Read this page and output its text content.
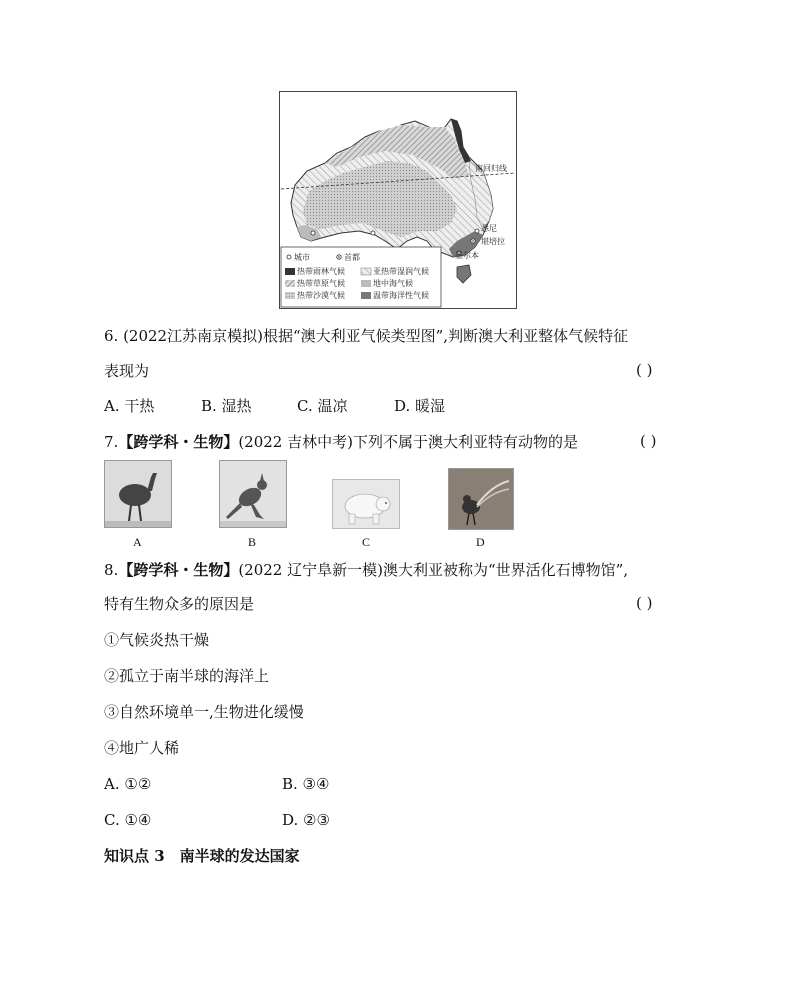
南回归线
悉尼
堪培拉
墨尔本
城市	首都
热带雨林气候	亚热带湿润气候
热带草原气候	地中海气候
热带沙漠气候	温带海洋性气候
6. (2022江苏南京模拟)根据“澳大利亚气候类型图”,判断澳大利亚整体气候特征
表现为	( )
A. 干热	B. 湿热	C. 温凉	D. 暖湿
7.【跨学科・生物】(2022 吉林中考)下列不属于澳大利亚特有动物的是	( )
A	B	C	D
8.【跨学科・生物】(2022 辽宁阜新一模)澳大利亚被称为“世界活化石博物馆”,
特有生物众多的原因是	( )
①气候炎热干燥
②孤立于南半球的海洋上
③自然环境单一,生物进化缓慢
④地广人稀
A. ①②	B. ③④
C. ①④	D. ②③
知识点 3　南半球的发达国家
